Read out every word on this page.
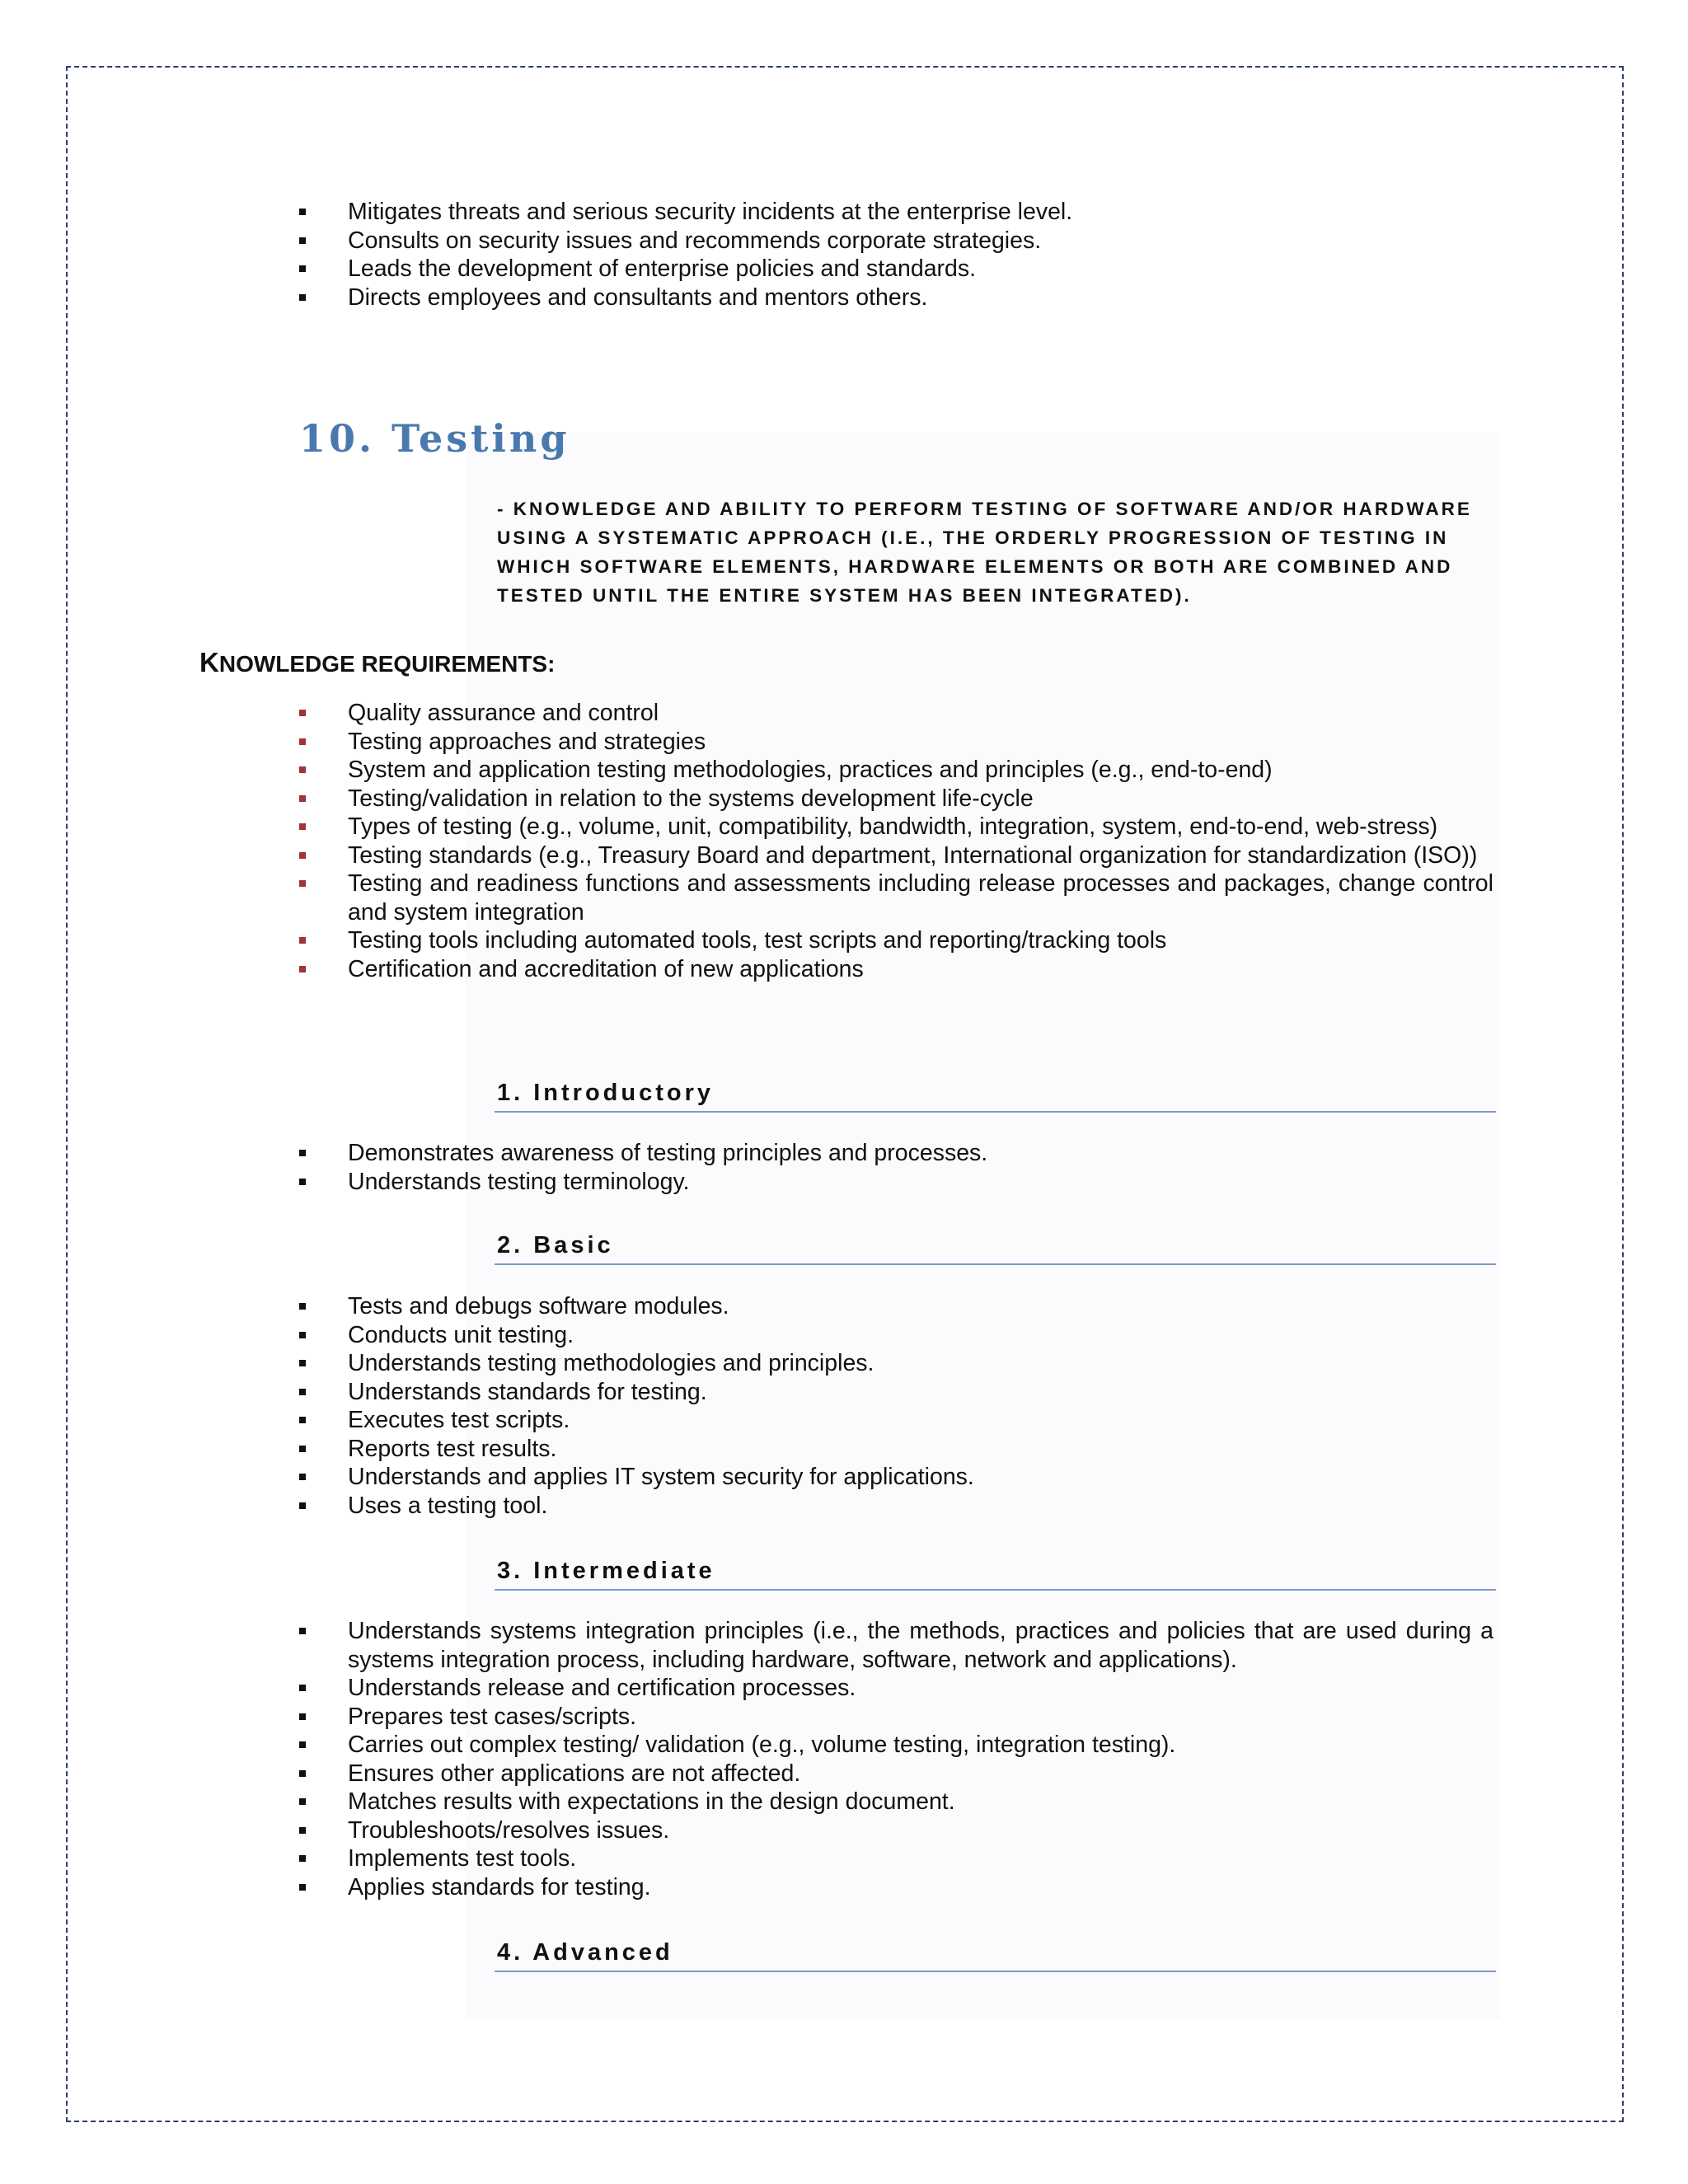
Mitigates threats and serious security incidents at the enterprise level.
Consults on security issues and recommends corporate strategies.
Leads the development of enterprise policies and standards.
Directs employees and consultants and mentors others.
10. Testing

- KNOWLEDGE AND ABILITY TO PERFORM TESTING OF SOFTWARE AND/OR HARDWARE USING A SYSTEMATIC APPROACH (I.E., THE ORDERLY PROGRESSION OF TESTING IN WHICH SOFTWARE ELEMENTS, HARDWARE ELEMENTS OR BOTH ARE COMBINED AND TESTED UNTIL THE ENTIRE SYSTEM HAS BEEN INTEGRATED).

KNOWLEDGE REQUIREMENTS:
Quality assurance and control
Testing approaches and strategies
System and application testing methodologies, practices and principles (e.g., end-to-end)
Testing/validation in relation to the systems development life-cycle
Types of testing (e.g., volume, unit, compatibility, bandwidth, integration, system, end-to-end, web-stress)
Testing standards (e.g., Treasury Board and department, International organization for standardization (ISO))
Testing and readiness functions and assessments including release processes and packages, change control and system integration
Testing tools including automated tools, test scripts and reporting/tracking tools
Certification and accreditation of new applications
1. Introductory
Demonstrates awareness of testing principles and processes.
Understands testing terminology.
2. Basic
Tests and debugs software modules.
Conducts unit testing.
Understands testing methodologies and principles.
Understands standards for testing.
Executes test scripts.
Reports test results.
Understands and applies IT system security for applications.
Uses a testing tool.
3. Intermediate
Understands systems integration principles (i.e., the methods, practices and policies that are used during a systems integration process, including hardware, software, network and applications).
Understands release and certification processes.
Prepares test cases/scripts.
Carries out complex testing/ validation (e.g., volume testing, integration testing).
Ensures other applications are not affected.
Matches results with expectations in the design document.
Troubleshoots/resolves issues.
Implements test tools.
Applies standards for testing.
4. Advanced
